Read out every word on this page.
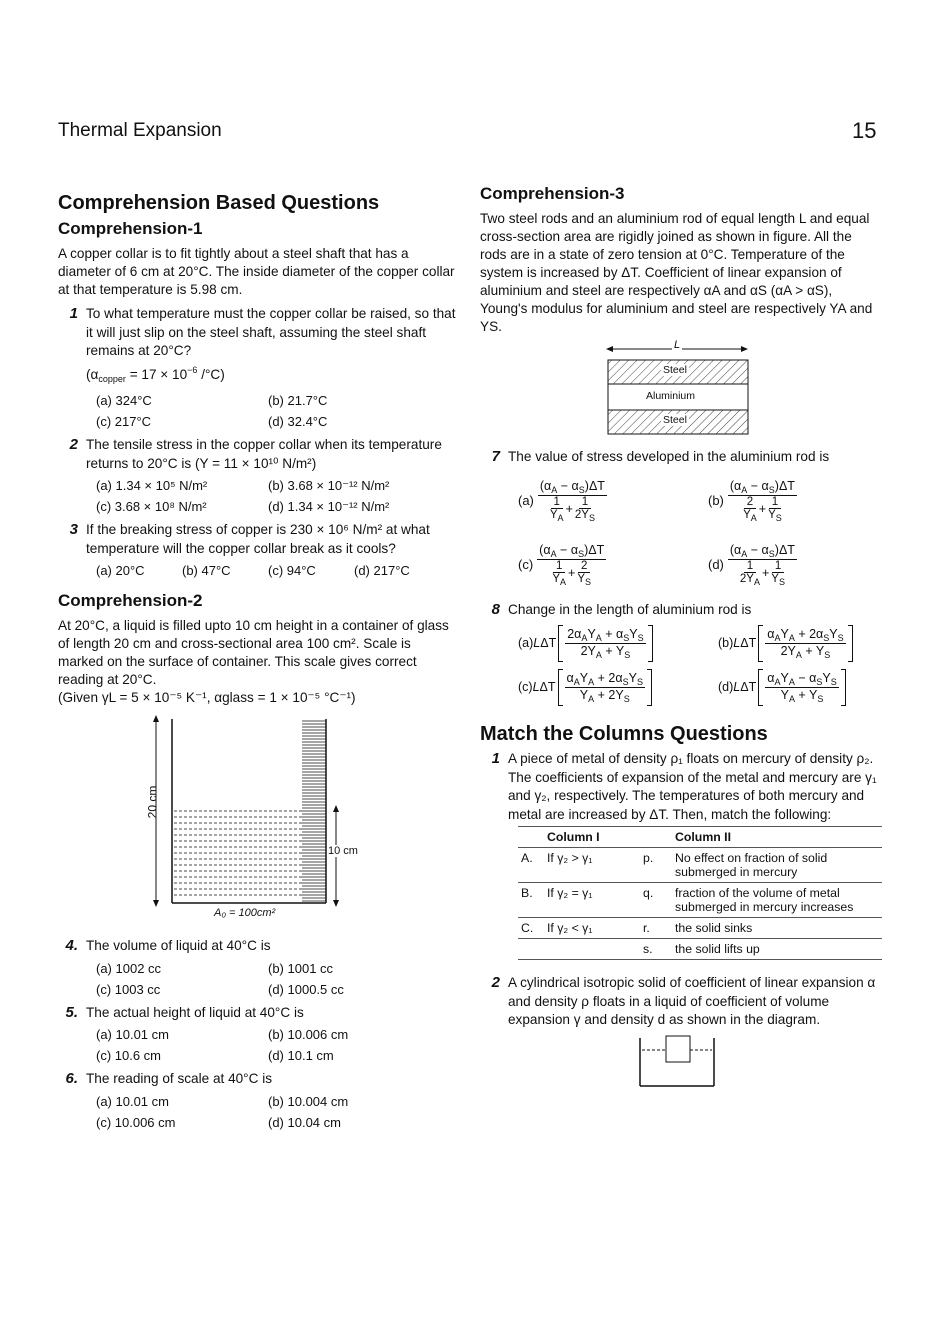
Thermal Expansion	15
Comprehension Based Questions
Comprehension-1

A copper collar is to fit tightly about a steel shaft that has a diameter of 6 cm at 20°C. The inside diameter of the copper collar at that temperature is 5.98 cm.

1 To what temperature must the copper collar be raised, so that it will just slip on the steel shaft, assuming the steel shaft remains at 20°C?
($\alpha_{copper} = 17 \times 10^{-6}$ /°C)
(a) 324°C	(b) 21.7°C
(c) 217°C	(d) 32.4°C
2 The tensile stress in the copper collar when its temperature returns to 20°C is (Y = 11 × 10¹⁰ N/m²)
(a) 1.34 × 10⁵ N/m²	(b) 3.68 × 10⁻¹² N/m²
(c) 3.68 × 10⁸ N/m²	(d) 1.34 × 10⁻¹² N/m²
3 If the breaking stress of copper is 230 × 10⁶ N/m² at what temperature will the copper collar break as it cools?
(a) 20°C	(b) 47°C	(c) 94°C	(d) 217°C
Comprehension-2

At 20°C, a liquid is filled upto 10 cm height in a container of glass of length 20 cm and cross-sectional area 100 cm². Scale is marked on the surface of container. This scale gives correct reading at 20°C.

(Given γL = 5 × 10⁻⁵ K⁻¹, αglass = 1 × 10⁻⁵ °C⁻¹)

20 cm
10 cm
A₀ = 100cm²
4. The volume of liquid at 40°C is
(a) 1002 cc	(b) 1001 cc
(c) 1003 cc	(d) 1000.5 cc
5. The actual height of liquid at 40°C is
(a) 10.01 cm	(b) 10.006 cm
(c) 10.6 cm	(d) 10.1 cm
6. The reading of scale at 40°C is
(a) 10.01 cm	(b) 10.004 cm
(c) 10.006 cm	(d) 10.04 cm
Comprehension-3

Two steel rods and an aluminium rod of equal length L and equal cross-section area are rigidly joined as shown in figure. All the rods are in a state of zero tension at 0°C. Temperature of the system is increased by ΔT. Coefficient of linear expansion of aluminium and steel are respectively αA and αS (αA > αS), Young's modulus for aluminium and steel are respectively YA and YS.

L
Steel
Aluminium
Steel
7 The value of stress developed in the aluminium rod is
(a) $(\alpha_A - \alpha_S)\Delta T$
1
$Y_A$
+
1
$2Y_S$	(b) $(\alpha_A - \alpha_S)\Delta T$
2
$Y_A$
+
1
$Y_S$
(c) $(\alpha_A - \alpha_S)\Delta T$
1
$Y_A$
+
2
$Y_S$	(d) $(\alpha_A - \alpha_S)\Delta T$
1
$2Y_A$
+
1
$Y_S$
8 Change in the length of aluminium rod is
(a) L ΔT $\frac{2\alpha_AY_A + \alpha_SY_S}{2Y_A + Y_S}$	(b) L ΔT $\frac{\alpha_AY_A + 2\alpha_SY_S}{2Y_A + Y_S}$
(c) L ΔT $\frac{\alpha_AY_A + 2\alpha_SY_S}{Y_A + 2Y_S}$	(d) L ΔT $\frac{\alpha_AY_A - \alpha_SY_S}{Y_A + Y_S}$
Match the Columns Questions
1 A piece of metal of density ρ₁ floats on mercury of density ρ₂. The coefficients of expansion of the metal and mercury are γ₁ and γ₂, respectively. The temperatures of both mercury and metal are increased by ΔT. Then, match the following:
	Column I		Column II
A.	If γ₂ > γ₁	p.	No effect on fraction of solid submerged in mercury
B.	If γ₂ = γ₁	q.	fraction of the volume of metal submerged in mercury increases
C.	If γ₂ < γ₁	r.	the solid sinks
		s.	the solid lifts up
2 A cylindrical isotropic solid of coefficient of linear expansion α and density ρ floats in a liquid of coefficient of volume expansion γ and density d as shown in the diagram.
